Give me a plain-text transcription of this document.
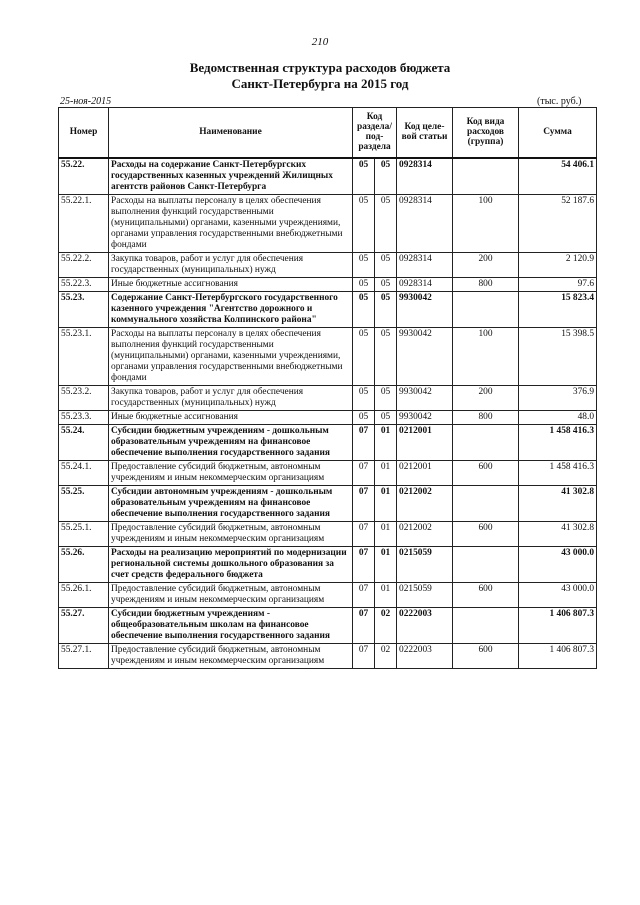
210
Ведомственная структура расходов бюджета
Санкт-Петербурга на 2015 год
25-ноя-2015	(тыс. руб.)
Номер	Наименование	Код раздела/ под-раздела		Код целе-вой статьи	Код вида расходов (группа)	Сумма
55.22.	Расходы на содержание Санкт-Петербургских государственных казенных учреждений Жилищных агентств районов Санкт-Петербурга	05	05	0928314		54 406.1
55.22.1.	Расходы на выплаты персоналу в целях обеспечения выполнения функций государственными (муниципальными) органами, казенными учреждениями, органами управления государственными внебюджетными фондами	05	05	0928314	100	52 187.6
55.22.2.	Закупка товаров, работ и услуг для обеспечения государственных (муниципальных) нужд	05	05	0928314	200	2 120.9
55.22.3.	Иные бюджетные ассигнования	05	05	0928314	800	97.6
55.23.	Содержание Санкт-Петербургского государственного казенного учреждения "Агентство дорожного и коммунального хозяйства Колпинского района"	05	05	9930042		15 823.4
55.23.1.	Расходы на выплаты персоналу в целях обеспечения выполнения функций государственными (муниципальными) органами, казенными учреждениями, органами управления государственными внебюджетными фондами	05	05	9930042	100	15 398.5
55.23.2.	Закупка товаров, работ и услуг для обеспечения государственных (муниципальных) нужд	05	05	9930042	200	376.9
55.23.3.	Иные бюджетные ассигнования	05	05	9930042	800	48.0
55.24.	Субсидии бюджетным учреждениям - дошкольным образовательным учреждениям на финансовое обеспечение выполнения государственного задания	07	01	0212001		1 458 416.3
55.24.1.	Предоставление субсидий бюджетным, автономным учреждениям и иным некоммерческим организациям	07	01	0212001	600	1 458 416.3
55.25.	Субсидии автономным учреждениям - дошкольным образовательным учреждениям на финансовое обеспечение выполнения государственного задания	07	01	0212002		41 302.8
55.25.1.	Предоставление субсидий бюджетным, автономным учреждениям и иным некоммерческим организациям	07	01	0212002	600	41 302.8
55.26.	Расходы на реализацию мероприятий по модернизации региональной системы дошкольного образования за счет средств федерального бюджета	07	01	0215059		43 000.0
55.26.1.	Предоставление субсидий бюджетным, автономным учреждениям и иным некоммерческим организациям	07	01	0215059	600	43 000.0
55.27.	Субсидии бюджетным учреждениям - общеобразовательным школам на финансовое обеспечение выполнения государственного задания	07	02	0222003		1 406 807.3
55.27.1.	Предоставление субсидий бюджетным, автономным учреждениям и иным некоммерческим организациям	07	02	0222003	600	1 406 807.3
